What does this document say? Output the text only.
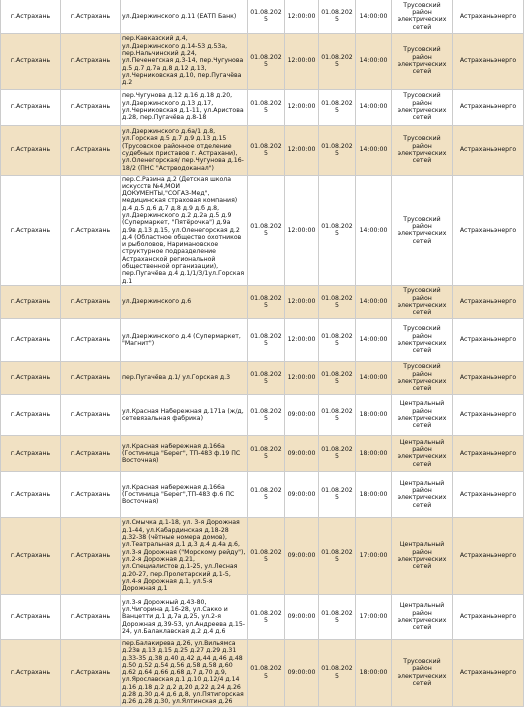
г.Астрахань	г.Астрахань	ул.Дзержинского д.11 (ЕАТП Банк)	01.08.2025	12:00:00	01.08.2025	14:00:00	Трусовский район электрических сетей	Астраханьэнерго
г.Астрахань	г.Астрахань	пер.Кавказский д.4, ул.Дзержинского д.14-53 д.53а, пер.Нальчинский д.24, ул.Печенегская д.3-14, пер.Чугунова д.5 д.7 д.7а д.8 д.12 д.13, ул.Черниковская д.10, пер.Пугачёва д.2	01.08.2025	12:00:00	01.08.2025	14:00:00	Трусовский район электрических сетей	Астраханьэнерго
г.Астрахань	г.Астрахань	пер.Чугунова д.12 д.16 д.18 д.20, ул.Дзержинского д.13 д.17, ул.Черниковская д.1-11, ул.Аристова д.28, пер.Пугачёва д.8-18	01.08.2025	12:00:00	01.08.2025	14:00:00	Трусовский район электрических сетей	Астраханьэнерго
г.Астрахань	г.Астрахань	ул.Дзержинского д.6а/1 д.8, ул.Горская д.5 д.7 д.9 д.13 д.15 (Трусовское районное отделение судебных приставов г. Астрахани), ул.Оленегорская/ пер.Чугунова д.16-18/2 (ПНС "Астрводоканал")	01.08.2025	12:00:00	01.08.2025	14:00:00	Трусовский район электрических сетей	Астраханьэнерго
г.Астрахань	г.Астрахань	пер.С.Разина д.2 (Детская школа искусств №4,МОИ ДОКУМЕНТЫ,"СОГАЗ-Мед", медицинская страховая компания) д.4 д.5 д.6 д.7 д.8 д.9 д.б д.8, ул.Дзержинского д.2 д.2а д.5 д.9 (Супермаркет, "Пятёрочка") д.9а д.9в д.13 д.15, ул.Оленегорская д.2 д.4 (Областное общество охотников и рыболовов, Наримановское структурное подразделение Астраханской региональной общественной организации), пер.Пугачёва д.4 д.1/1/3/1ул.Горская д.1	01.08.2025	12:00:00	01.08.2025	14:00:00	Трусовский район электрических сетей	Астраханьэнерго
г.Астрахань	г.Астрахань	ул.Дзержинского д.6	01.08.2025	12:00:00	01.08.2025	14:00:00	Трусовский район электрических сетей	Астраханьэнерго
г.Астрахань	г.Астрахань	ул.Дзержинского д.4 (Супермаркет, "Магнит")	01.08.2025	12:00:00	01.08.2025	14:00:00	Трусовский район электрических сетей	Астраханьэнерго
г.Астрахань	г.Астрахань	пер.Пугачёва д.1/ ул.Горская д.3	01.08.2025	12:00:00	01.08.2025	14:00:00	Трусовский район электрических сетей	Астраханьэнерго
г.Астрахань	г.Астрахань	ул.Красная Набережная д.171а (ж/д, сетевязальная фабрика)	01.08.2025	09:00:00	01.08.2025	18:00:00	Центральный район электрических сетей	Астраханьэнерго
г.Астрахань	г.Астрахань	ул.Красная набережная д.166а (Гостиница "Берег", ТП-483 ф.19 ПС Восточная)	01.08.2025	09:00:00	01.08.2025	18:00:00	Центральный район электрических сетей	Астраханьэнерго
г.Астрахань	г.Астрахань	ул.Красная набережная д.166а (Гостиница "Берег",ТП-483 ф.6 ПС Восточная)	01.08.2025	09:00:00	01.08.2025	18:00:00	Центральный район электрических сетей	Астраханьэнерго
г.Астрахань	г.Астрахань	ул.Смычка д.1-18, ул. 3-я Дорожная д.1-44, ул.Кабардинская д.18-28 д.32-38 (чётные номера домов), ул.Театральная д.1 д.3 д.4 д.4а д.6, ул.3-я Дорожная ("Морскому рейду"), ул.2-я Дорожная д.21, ул.Специалистов д.1-25, ул.Лесная д.20-27, пер.Пролетарский д.1-5, ул.4-я Дорожная д.1, ул.5-я Дорожная д.1	01.08.2025	09:00:00	01.08.2025	17:00:00	Центральный район электрических сетей	Астраханьэнерго
г.Астрахань	г.Астрахань	ул.3-я Дорожный д.43-80, ул.Чигорина д.16-28, ул.Сакко и Ванцетти д.1 д.7а д.25, ул.2-я Дорожная д.39-53, ул.Андреева д.15-24, ул.Балаклавская д.2 д.4 д.6	01.08.2025	09:00:00	01.08.2025	17:00:00	Центральный район электрических сетей	Астраханьэнерго
г.Астрахань	г.Астрахань	пер.Балакирева д.26, ул.Вильямса д.23в д.13 д.15 д.25 д.27 д.29 д.31 д.33-35 д.38 д.40 д.42 д.44 д.46 д.48 д.50 д.52 д.54 д.56 д.58 д.58 д.60 д.62 д.64 д.66 д.68 д.7 д.70 д.9, ул.Ярославская д.1 д.10 д.12/4 д.14 д.16 д.18 д.2 д.2 д.20 д.22 д.24 д.26 д.28 д.30 д.4 д.6 д.8, ул.Пятигорская д.26 д.28 д.30, ул.Ялтинская д.26	01.08.2025	09:00:00	01.08.2025	18:00:00	Трусовский район электрических сетей	Астраханьэнерго
